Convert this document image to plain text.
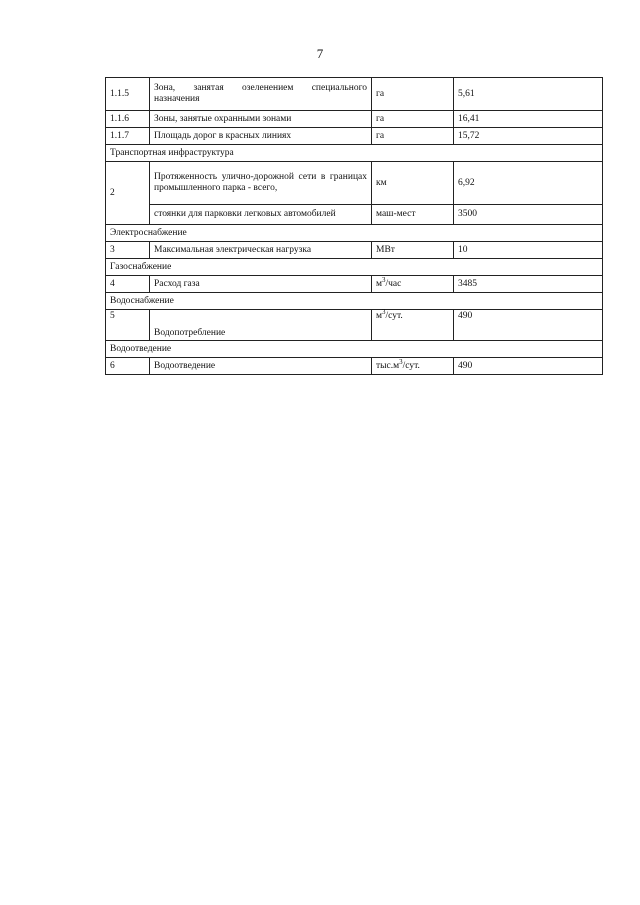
7
1.1.5	Зона, занятая озеленением специального назначения	га	5,61
1.1.6	Зоны, занятые охранными зонами	га	16,41
1.1.7	Площадь дорог в красных линиях	га	15,72
Транспортная инфраструктура			
2	Протяженность улично-дорожной сети в границах промышленного парка - всего,	км	6,92
	стоянки для парковки легковых автомобилей	маш-мест	3500
Электроснабжение			
3	Максимальная электрическая нагрузка	МВт	10
Газоснабжение			
4	Расход газа	$м^3$/час	3485
Водоснабжение			
5	Водопотребление	$м^3$/сут.	490
Водоотведение			
6	Водоотведение	$тыс.м^3$/сут.	490
